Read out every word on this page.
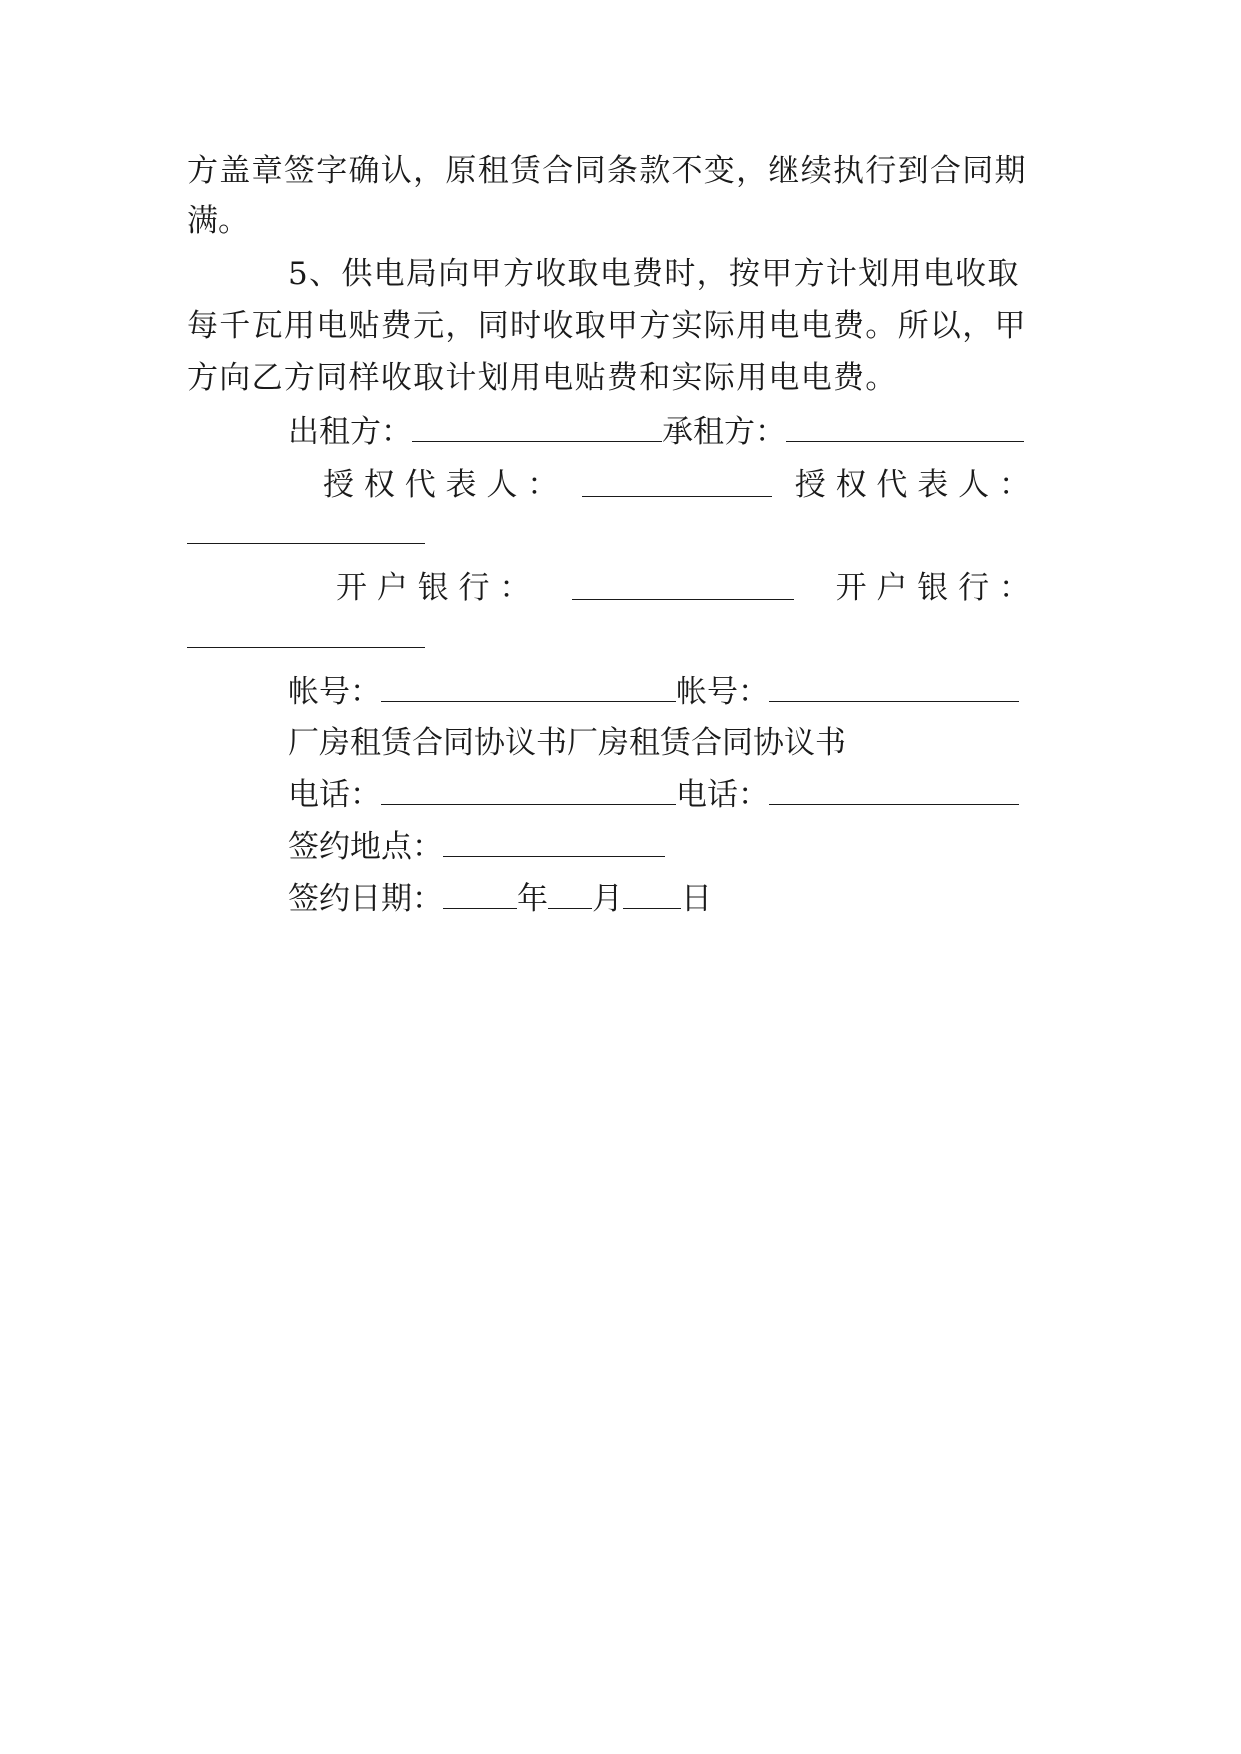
方盖章签字确认，原租赁合同条款不变，继续执行到合同期
满。
5、供电局向甲方收取电费时，按甲方计划用电收取
每千瓦用电贴费元，同时收取甲方实际用电电费。所以，甲
方向乙方同样收取计划用电贴费和实际用电电费。
出租方：	承租方：
授 权 代 表 人 ：	授 权 代 表 人 ：
开 户 银 行 ：	开 户 银 行 ：
帐号：	帐号：
厂房租赁合同协议书厂房租赁合同协议书
电话：	电话：
签约地点：
签约日期： 年 月 日
